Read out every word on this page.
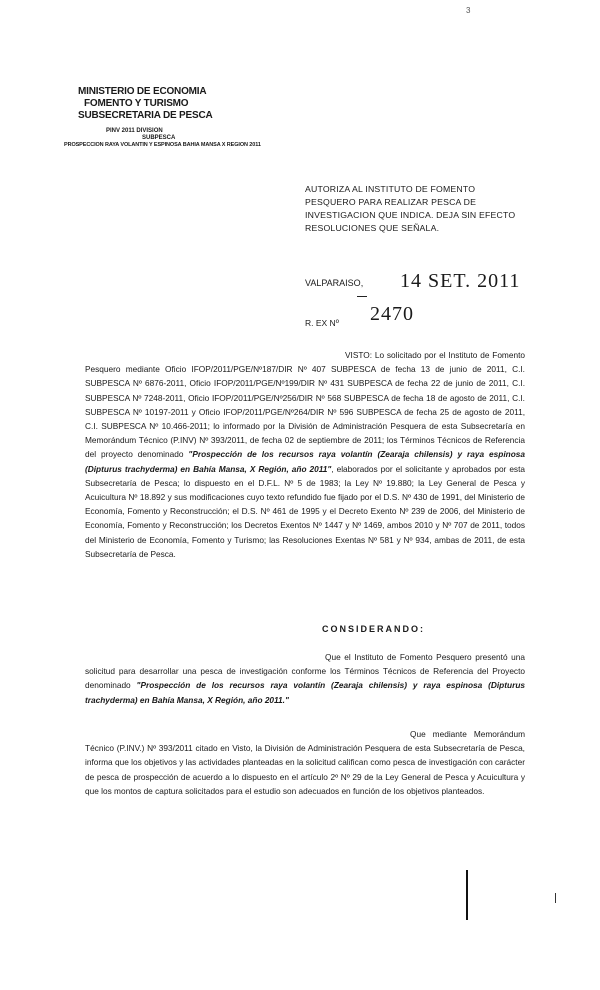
3
MINISTERIO DE ECONOMIA
FOMENTO Y TURISMO
SUBSECRETARIA DE PESCA
PINV 2011 DIVISION
SUBPESCA
PROSPECCION RAYA VOLANTIN Y ESPINOSA BAHIA MANSA X REGION 2011
AUTORIZA AL INSTITUTO DE FOMENTO PESQUERO PARA REALIZAR PESCA DE INVESTIGACION QUE INDICA. DEJA SIN EFECTO RESOLUCIONES QUE SEÑALA.
VALPARAISO, 14 SET. 2011
R. EX Nº 2470
VISTO: Lo solicitado por el Instituto de Fomento Pesquero mediante Oficio IFOP/2011/PGE/Nº187/DIR Nº 407 SUBPESCA de fecha 13 de junio de 2011, C.I. SUBPESCA Nº 6876-2011, Oficio IFOP/2011/PGE/Nº199/DIR Nº 431 SUBPESCA de fecha 22 de junio de 2011, C.I. SUBPESCA Nº 7248-2011, Oficio IFOP/2011/PGE/Nº256/DIR Nº 568 SUBPESCA de fecha 18 de agosto de 2011, C.I. SUBPESCA Nº 10197-2011 y Oficio IFOP/2011/PGE/Nº264/DIR Nº 596 SUBPESCA de fecha 25 de agosto de 2011, C.I. SUBPESCA Nº 10.466-2011; lo informado por la División de Administración Pesquera de esta Subsecretaría en Memorándum Técnico (P.INV) Nº 393/2011, de fecha 02 de septiembre de 2011; los Términos Técnicos de Referencia del proyecto denominado "Prospección de los recursos raya volantín (Zearaja chilensis) y raya espinosa (Dipturus trachyderma) en Bahía Mansa, X Región, año 2011", elaborados por el solicitante y aprobados por esta Subsecretaría de Pesca; lo dispuesto en el D.F.L. Nº 5 de 1983; la Ley Nº 19.880; la Ley General de Pesca y Acuicultura Nº 18.892 y sus modificaciones cuyo texto refundido fue fijado por el D.S. Nº 430 de 1991, del Ministerio de Economía, Fomento y Reconstrucción; el D.S. Nº 461 de 1995 y el Decreto Exento Nº 239 de 2006, del Ministerio de Economía, Fomento y Reconstrucción; los Decretos Exentos Nº 1447 y Nº 1469, ambos 2010 y Nº 707 de 2011, todos del Ministerio de Economía, Fomento y Turismo; las Resoluciones Exentas Nº 581 y Nº 934, ambas de 2011, de esta Subsecretaría de Pesca.
CONSIDERANDO:
Que el Instituto de Fomento Pesquero presentó una solicitud para desarrollar una pesca de investigación conforme los Términos Técnicos de Referencia del Proyecto denominado "Prospección de los recursos raya volantín (Zearaja chilensis) y raya espinosa (Dipturus trachyderma) en Bahía Mansa, X Región, año 2011."
Que mediante Memorándum Técnico (P.INV.) Nº 393/2011 citado en Visto, la División de Administración Pesquera de esta Subsecretaría de Pesca, informa que los objetivos y las actividades planteadas en la solicitud califican como pesca de investigación con carácter de pesca de prospección de acuerdo a lo dispuesto en el artículo 2º Nº 29 de la Ley General de Pesca y Acuicultura y que los montos de captura solicitados para el estudio son adecuados en función de los objetivos planteados.
